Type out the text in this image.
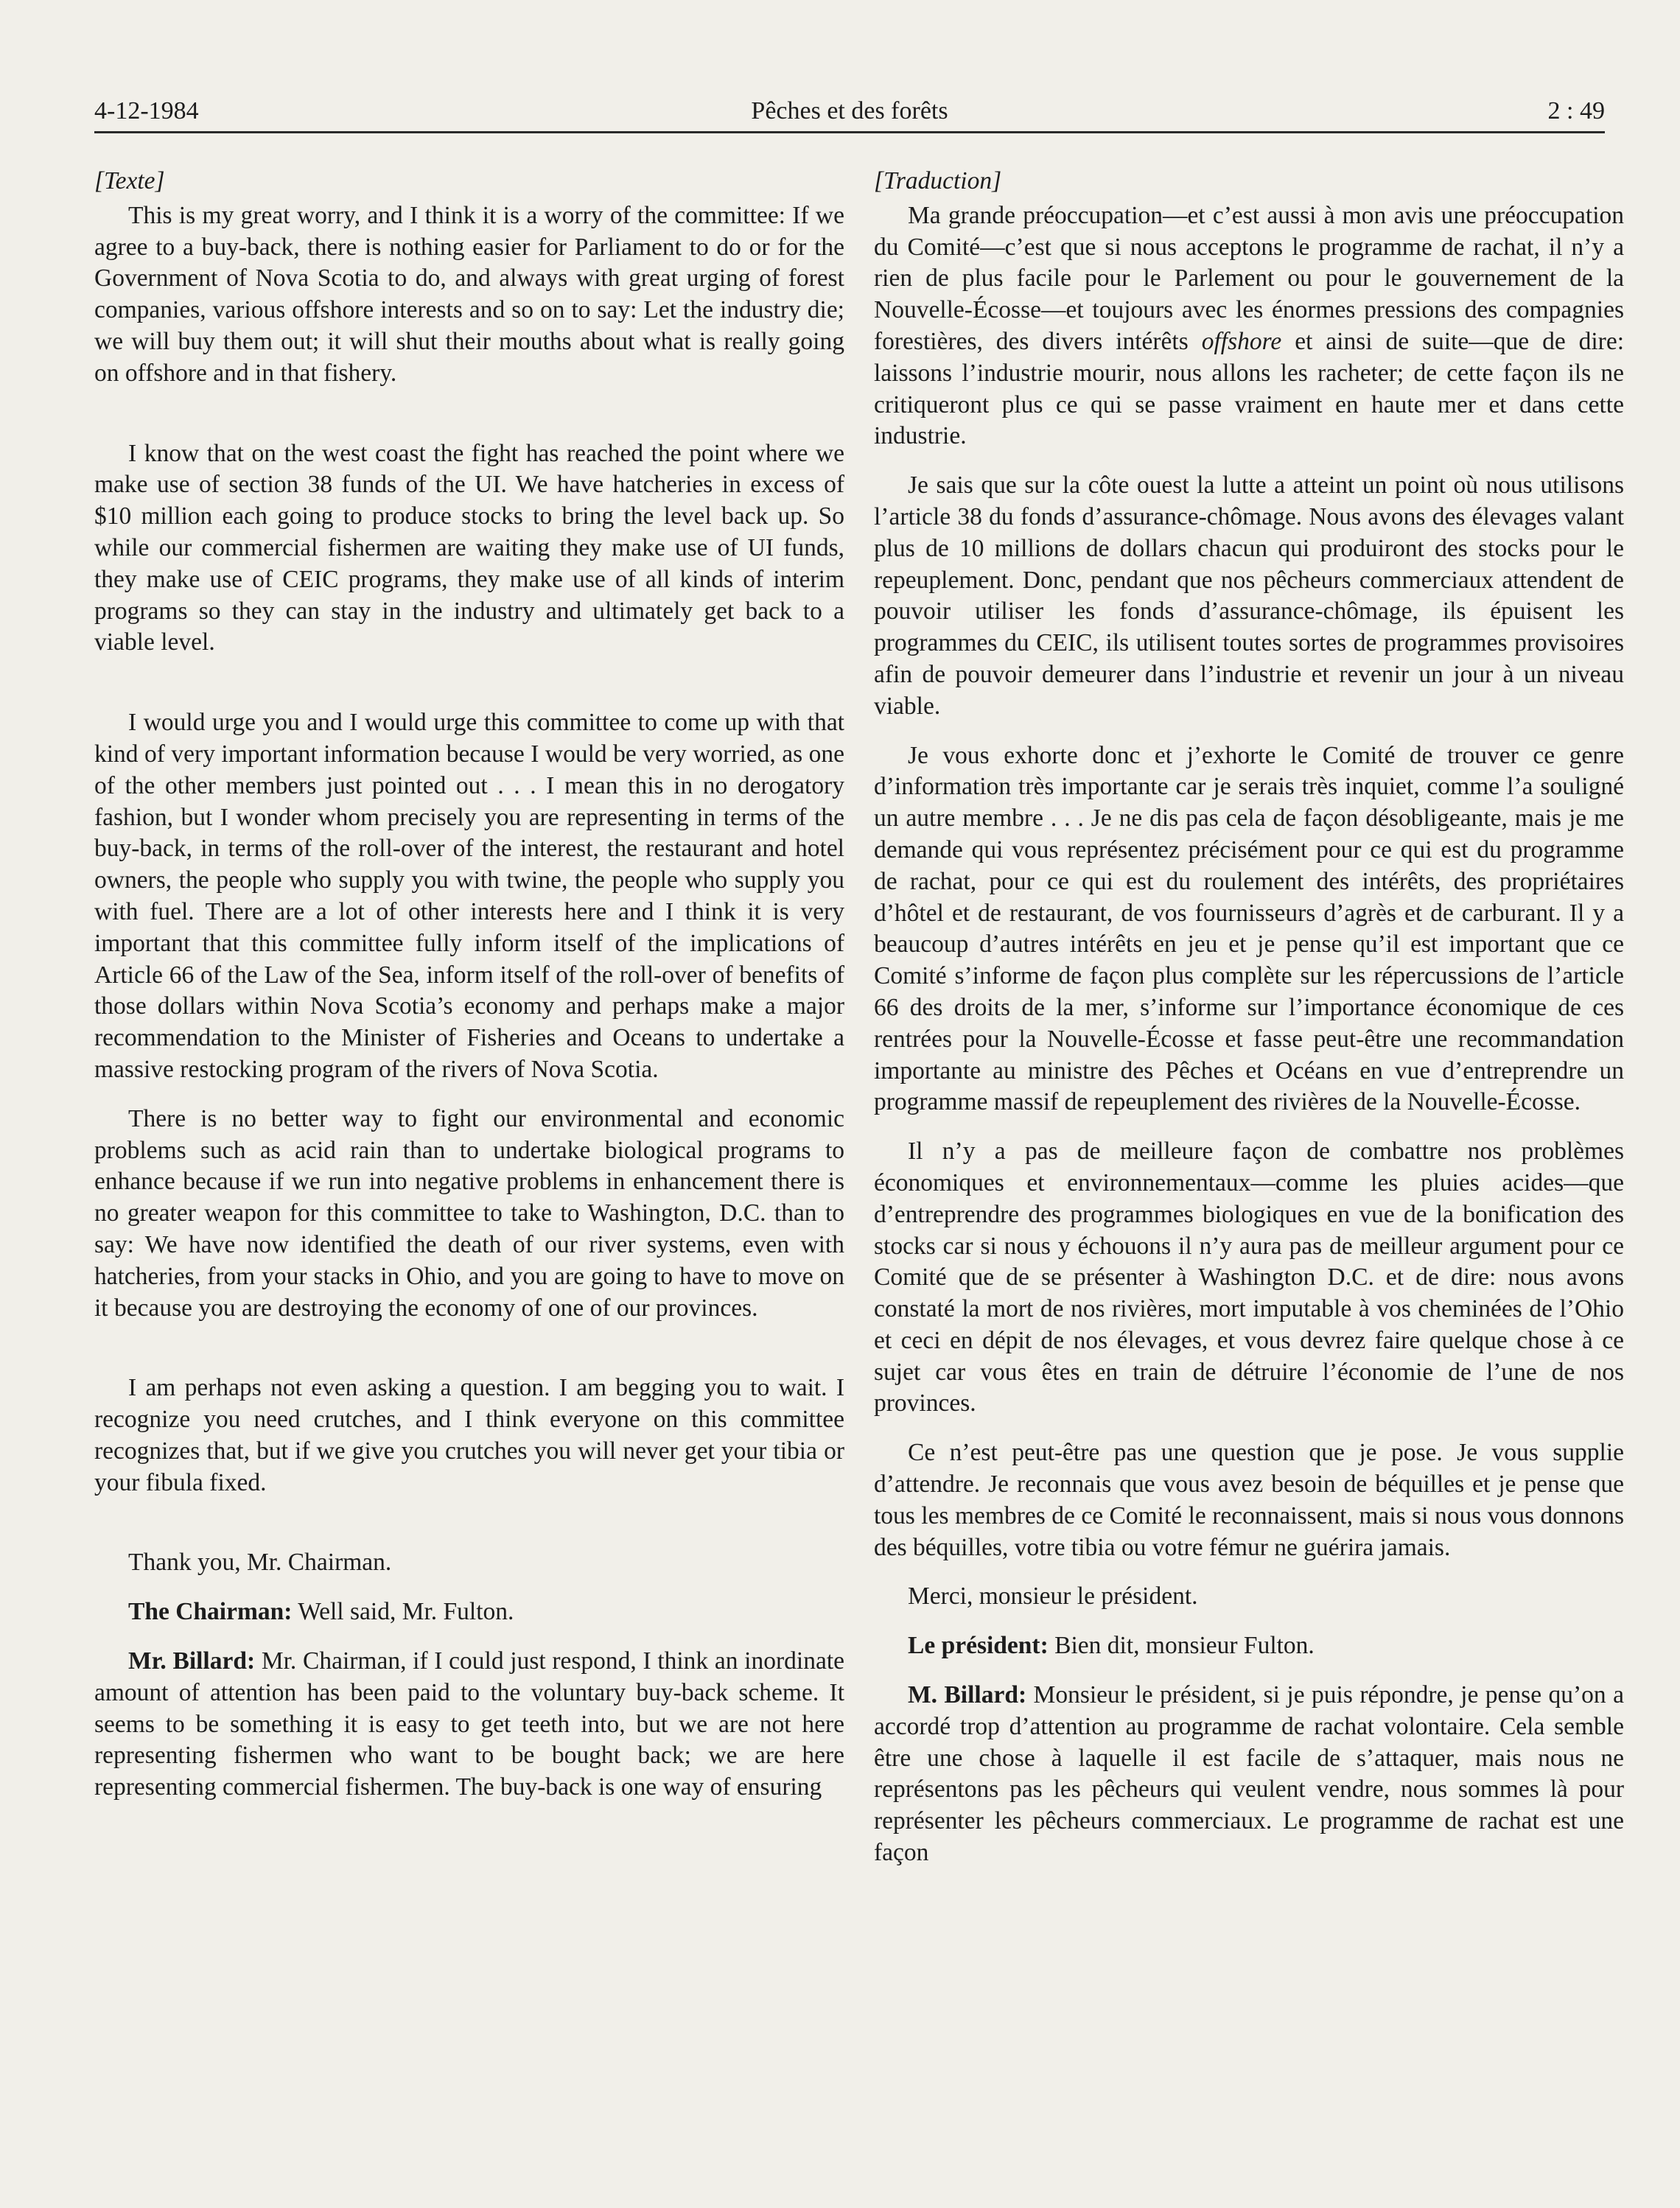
4-12-1984	Pêches et des forêts	2 : 49

[Texte]

This is my great worry, and I think it is a worry of the committee: If we agree to a buy-back, there is nothing easier for Parliament to do or for the Government of Nova Scotia to do, and always with great urging of forest companies, various offshore interests and so on to say: Let the industry die; we will buy them out; it will shut their mouths about what is really going on offshore and in that fishery.

I know that on the west coast the fight has reached the point where we make use of section 38 funds of the UI. We have hatcheries in excess of $10 million each going to produce stocks to bring the level back up. So while our commercial fishermen are waiting they make use of UI funds, they make use of CEIC programs, they make use of all kinds of interim programs so they can stay in the industry and ultimately get back to a viable level.

I would urge you and I would urge this committee to come up with that kind of very important information because I would be very worried, as one of the other members just pointed out . . . I mean this in no derogatory fashion, but I wonder whom precisely you are representing in terms of the buy-back, in terms of the roll-over of the interest, the restaurant and hotel owners, the people who supply you with twine, the people who supply you with fuel. There are a lot of other interests here and I think it is very important that this committee fully inform itself of the implications of Article 66 of the Law of the Sea, inform itself of the roll-over of benefits of those dollars within Nova Scotia’s economy and perhaps make a major recommendation to the Minister of Fisheries and Oceans to undertake a massive restocking program of the rivers of Nova Scotia.

There is no better way to fight our environmental and economic problems such as acid rain than to undertake biological programs to enhance because if we run into negative problems in enhancement there is no greater weapon for this committee to take to Washington, D.C. than to say: We have now identified the death of our river systems, even with hatcheries, from your stacks in Ohio, and you are going to have to move on it because you are destroying the economy of one of our provinces.

I am perhaps not even asking a question. I am begging you to wait. I recognize you need crutches, and I think everyone on this committee recognizes that, but if we give you crutches you will never get your tibia or your fibula fixed.

Thank you, Mr. Chairman.

The Chairman: Well said, Mr. Fulton.

Mr. Billard: Mr. Chairman, if I could just respond, I think an inordinate amount of attention has been paid to the voluntary buy-back scheme. It seems to be something it is easy to get teeth into, but we are not here representing fishermen who want to be bought back; we are here representing commercial fishermen. The buy-back is one way of ensuring

[Traduction]

Ma grande préoccupation—et c’est aussi à mon avis une préoccupation du Comité—c’est que si nous acceptons le programme de rachat, il n’y a rien de plus facile pour le Parlement ou pour le gouvernement de la Nouvelle-Écosse—et toujours avec les énormes pressions des compagnies forestières, des divers intérêts offshore et ainsi de suite—que de dire: laissons l’industrie mourir, nous allons les racheter; de cette façon ils ne critiqueront plus ce qui se passe vraiment en haute mer et dans cette industrie.

Je sais que sur la côte ouest la lutte a atteint un point où nous utilisons l’article 38 du fonds d’assurance-chômage. Nous avons des élevages valant plus de 10 millions de dollars chacun qui produiront des stocks pour le repeuplement. Donc, pendant que nos pêcheurs commerciaux attendent de pouvoir utiliser les fonds d’assurance-chômage, ils épuisent les programmes du CEIC, ils utilisent toutes sortes de programmes provisoires afin de pouvoir demeurer dans l’industrie et revenir un jour à un niveau viable.

Je vous exhorte donc et j’exhorte le Comité de trouver ce genre d’information très importante car je serais très inquiet, comme l’a souligné un autre membre . . . Je ne dis pas cela de façon désobligeante, mais je me demande qui vous représentez précisément pour ce qui est du programme de rachat, pour ce qui est du roulement des intérêts, des propriétaires d’hôtel et de restaurant, de vos fournisseurs d’agrès et de carburant. Il y a beaucoup d’autres intérêts en jeu et je pense qu’il est important que ce Comité s’informe de façon plus complète sur les répercussions de l’article 66 des droits de la mer, s’informe sur l’importance économique de ces rentrées pour la Nouvelle-Écosse et fasse peut-être une recommandation importante au ministre des Pêches et Océans en vue d’entreprendre un programme massif de repeuplement des rivières de la Nouvelle-Écosse.

Il n’y a pas de meilleure façon de combattre nos problèmes économiques et environnementaux—comme les pluies acides—que d’entreprendre des programmes biologiques en vue de la bonification des stocks car si nous y échouons il n’y aura pas de meilleur argument pour ce Comité que de se présenter à Washington D.C. et de dire: nous avons constaté la mort de nos rivières, mort imputable à vos cheminées de l’Ohio et ceci en dépit de nos élevages, et vous devrez faire quelque chose à ce sujet car vous êtes en train de détruire l’économie de l’une de nos provinces.

Ce n’est peut-être pas une question que je pose. Je vous supplie d’attendre. Je reconnais que vous avez besoin de béquilles et je pense que tous les membres de ce Comité le reconnaissent, mais si nous vous donnons des béquilles, votre tibia ou votre fémur ne guérira jamais.

Merci, monsieur le président.

Le président: Bien dit, monsieur Fulton.

M. Billard: Monsieur le président, si je puis répondre, je pense qu’on a accordé trop d’attention au programme de rachat volontaire. Cela semble être une chose à laquelle il est facile de s’attaquer, mais nous ne représentons pas les pêcheurs qui veulent vendre, nous sommes là pour représenter les pêcheurs commerciaux. Le programme de rachat est une façon
